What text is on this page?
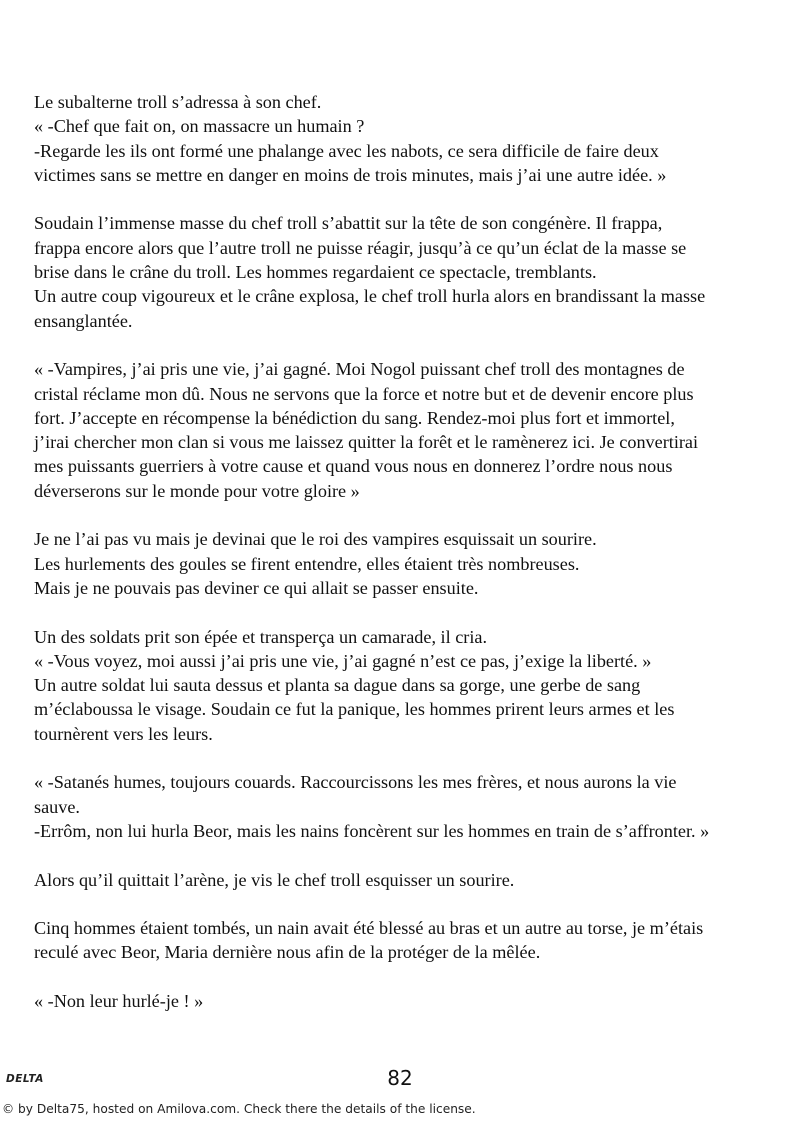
Le subalterne troll s’adressa à son chef.
« -Chef que fait on, on massacre un humain ?
-Regarde les ils ont formé une phalange avec les nabots, ce sera difficile de faire deux
victimes sans se mettre en danger en moins de trois minutes, mais j’ai une autre idée. »

Soudain l’immense masse du chef troll s’abattit sur la tête de son congénère. Il frappa,
frappa encore alors que l’autre troll ne puisse réagir, jusqu’à ce qu’un éclat de la masse se
brise dans le crâne du troll. Les hommes regardaient ce spectacle, tremblants.
Un autre coup vigoureux et le crâne explosa, le chef troll hurla alors en brandissant la masse
ensanglantée.

« -Vampires, j’ai pris une vie, j’ai gagné. Moi Nogol puissant chef troll des montagnes de
cristal réclame mon dû. Nous ne servons que la force et notre but et de devenir encore plus
fort. J’accepte en récompense la bénédiction du sang. Rendez-moi plus fort et immortel,
j’irai chercher mon clan si vous me laissez quitter la forêt et le ramènerez ici. Je convertirai
mes puissants guerriers à votre cause et quand vous nous en donnerez l’ordre nous nous
déverserons sur le monde pour votre gloire »

Je ne l’ai pas vu mais je devinai que le roi des vampires esquissait un sourire.
Les hurlements des goules se firent entendre, elles étaient très nombreuses.
Mais je ne pouvais pas deviner ce qui allait se passer ensuite.

Un des soldats prit son épée et transperça un camarade, il cria.
« -Vous voyez, moi aussi j’ai pris une vie, j’ai gagné n’est ce pas, j’exige la liberté. »
Un autre soldat lui sauta dessus et planta sa dague dans sa gorge, une gerbe de sang
m’éclaboussa le visage. Soudain ce fut la panique, les hommes prirent leurs armes et les
tournèrent vers les leurs.

« -Satanés humes, toujours couards. Raccourcissons les mes frères, et nous aurons la vie
sauve.
-Errôm, non lui hurla Beor, mais les nains foncèrent sur les hommes en train de s’affronter. »

Alors qu’il quittait l’arène, je vis le chef troll esquisser un sourire.

Cinq hommes étaient tombés, un nain avait été blessé au bras et un autre au torse, je m’étais
reculé avec Beor, Maria dernière nous afin de la protéger de la mêlée.

« -Non leur hurlé-je ! »

DELTA	82
© by Delta75, hosted on Amilova.com. Check there the details of the license.
